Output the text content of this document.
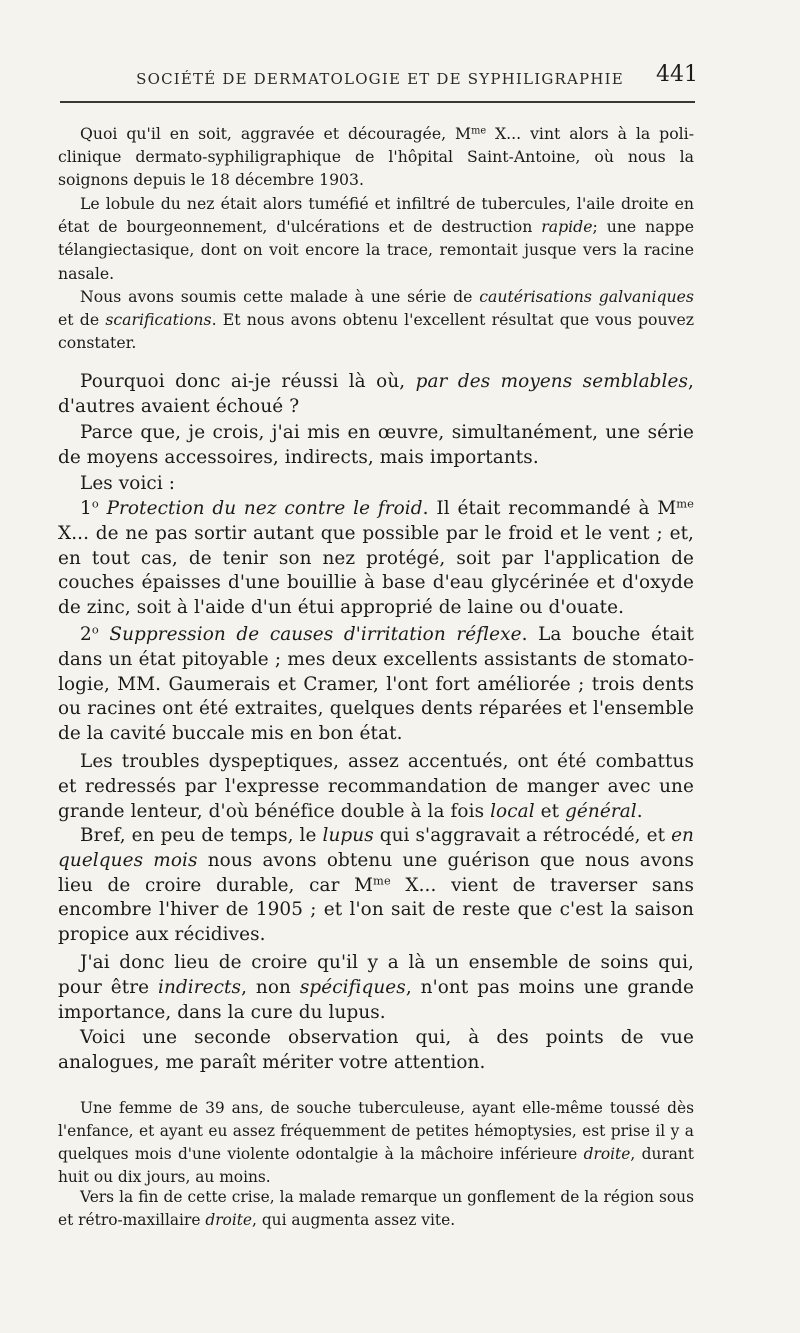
SOCIÉTÉ DE DERMATOLOGIE ET DE SYPHILIGRAPHIE	441

Quoi qu'il en soit, aggravée et découragée, $M^{me}$ X... vint alors à la policlinique dermato-syphiligraphique de l'hôpital Saint-Antoine, où nous la soignons depuis le 18 décembre 1903.

Le lobule du nez était alors tuméfié et infiltré de tubercules, l'aile droite en état de bourgeonnement, d'ulcérations et de destruction rapide; une nappe télangiectasique, dont on voit encore la trace, remontait jusque vers la racine nasale.

Nous avons soumis cette malade à une série de cautérisations galvaniques et de scarifications. Et nous avons obtenu l'excellent résultat que vous pouvez constater.

Pourquoi donc ai-je réussi là où, par des moyens semblables, d'autres avaient échoué ?

Parce que, je crois, j'ai mis en œuvre, simultanément, une série de moyens accessoires, indirects, mais importants.

Les voici :

1$^o$ Protection du nez contre le froid. Il était recommandé à $M^{me}$ X... de ne pas sortir autant que possible par le froid et le vent ; et, en tout cas, de tenir son nez protégé, soit par l'application de couches épaisses d'une bouillie à base d'eau glycérinée et d'oxyde de zinc, soit à l'aide d'un étui approprié de laine ou d'ouate.

2$^o$ Suppression de causes d'irritation réflexe. La bouche était dans un état pitoyable ; mes deux excellents assistants de stomatologie, MM. Gaumerais et Cramer, l'ont fort améliorée ; trois dents ou racines ont été extraites, quelques dents réparées et l'ensemble de la cavité buccale mis en bon état.

Les troubles dyspeptiques, assez accentués, ont été combattus et redressés par l'expresse recommandation de manger avec une grande lenteur, d'où bénéfice double à la fois local et général.

Bref, en peu de temps, le lupus qui s'aggravait a rétrocédé, et en quelques mois nous avons obtenu une guérison que nous avons lieu de croire durable, car $M^{me}$ X... vient de traverser sans encombre l'hiver de 1905 ; et l'on sait de reste que c'est la saison propice aux récidives.

J'ai donc lieu de croire qu'il y a là un ensemble de soins qui, pour être indirects, non spécifiques, n'ont pas moins une grande importance, dans la cure du lupus.

Voici une seconde observation qui, à des points de vue analogues, me paraît mériter votre attention.

Une femme de 39 ans, de souche tuberculeuse, ayant elle-même toussé dès l'enfance, et ayant eu assez fréquemment de petites hémoptysies, est prise il y a quelques mois d'une violente odontalgie à la mâchoire inférieure droite, durant huit ou dix jours, au moins.

Vers la fin de cette crise, la malade remarque un gonflement de la région sous et rétro-maxillaire droite, qui augmenta assez vite.
